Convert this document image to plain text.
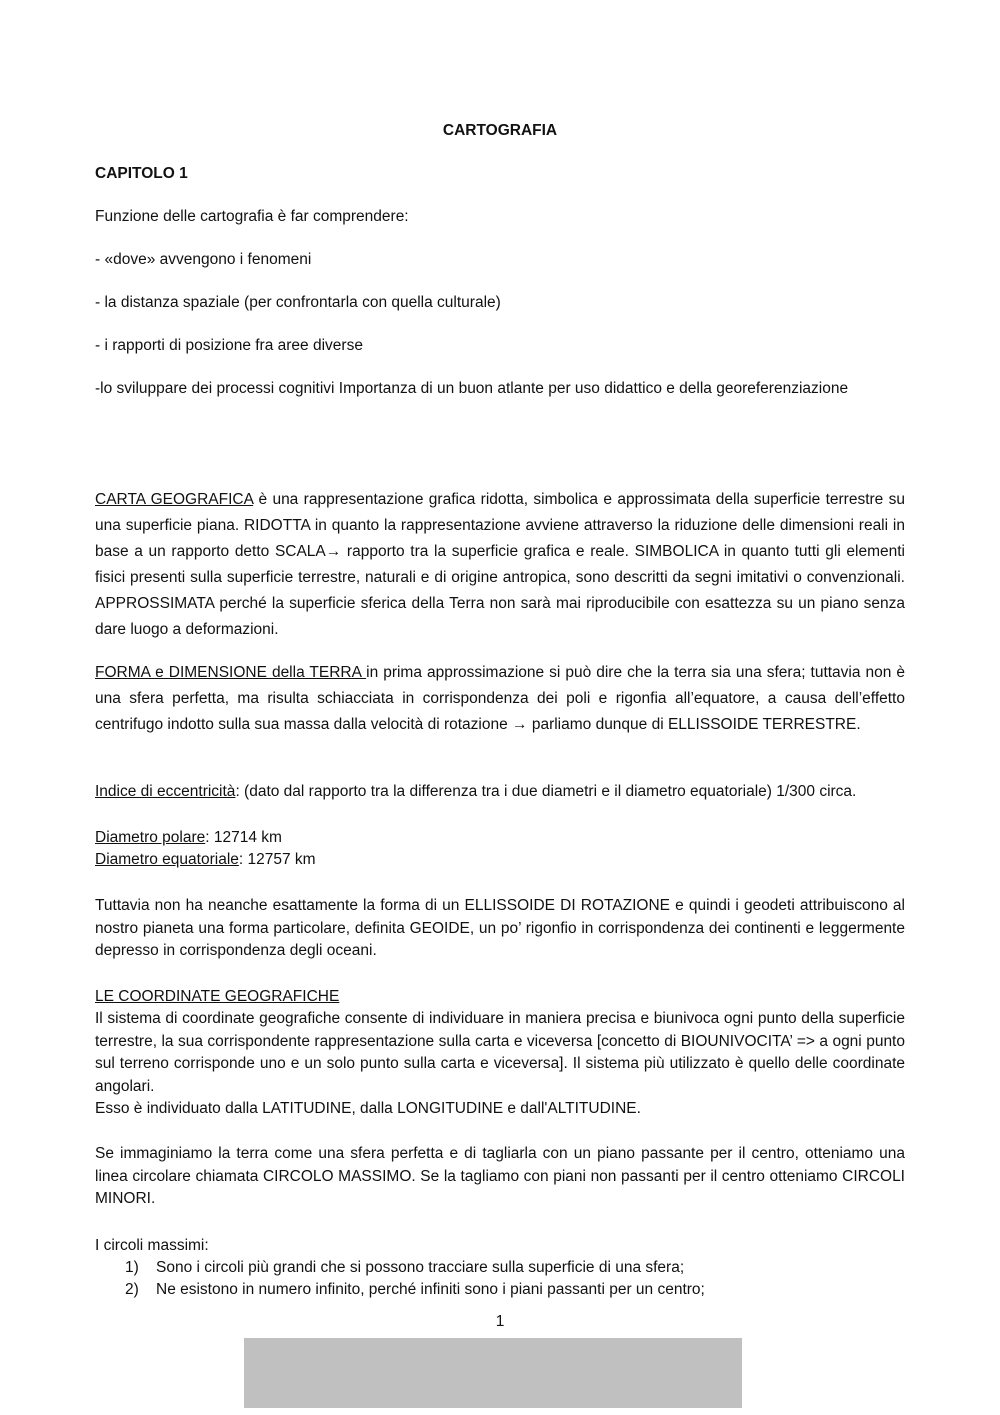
CARTOGRAFIA
CAPITOLO 1
Funzione delle cartografia è far comprendere:
- «dove» avvengono i fenomeni
- la distanza spaziale (per confrontarla con quella culturale)
- i rapporti di posizione fra aree diverse
-lo sviluppare dei processi cognitivi Importanza di un buon atlante per uso didattico e della georeferenziazione
CARTA GEOGRAFICA è una rappresentazione grafica ridotta, simbolica e approssimata della superficie terrestre su una superficie piana. RIDOTTA in quanto la rappresentazione avviene attraverso la riduzione delle dimensioni reali in base a un rapporto detto SCALA→ rapporto tra la superficie grafica e reale. SIMBOLICA in quanto tutti gli elementi fisici presenti sulla superficie terrestre, naturali e di origine antropica, sono descritti da segni imitativi o convenzionali. APPROSSIMATA perché la superficie sferica della Terra non sarà mai riproducibile con esattezza su un piano senza dare luogo a deformazioni.
FORMA e DIMENSIONE della TERRA in prima approssimazione si può dire che la terra sia una sfera; tuttavia non è una sfera perfetta, ma risulta schiacciata in corrispondenza dei poli e rigonfia all’equatore, a causa dell’effetto centrifugo indotto sulla sua massa dalla velocità di rotazione → parliamo dunque di ELLISSOIDE TERRESTRE.
Indice di eccentricità: (dato dal rapporto tra la differenza tra i due diametri e il diametro equatoriale) 1/300 circa.
Diametro polare: 12714 km
Diametro equatoriale: 12757 km
Tuttavia non ha neanche esattamente la forma di un ELLISSOIDE DI ROTAZIONE e quindi i geodeti attribuiscono al nostro pianeta una forma particolare, definita GEOIDE, un po’ rigonfio in corrispondenza dei continenti e leggermente depresso in corrispondenza degli oceani.
LE COORDINATE GEOGRAFICHE
Il sistema di coordinate geografiche consente di individuare in maniera precisa e biunivoca ogni punto della superficie terrestre, la sua corrispondente rappresentazione sulla carta e viceversa [concetto di BIOUNIVOCITA’ => a ogni punto sul terreno corrisponde uno e un solo punto sulla carta e viceversa]. Il sistema più utilizzato è quello delle coordinate angolari.
Esso è individuato dalla LATITUDINE, dalla LONGITUDINE e dall'ALTITUDINE.
Se immaginiamo la terra come una sfera perfetta e di tagliarla con un piano passante per il centro, otteniamo una linea circolare chiamata CIRCOLO MASSIMO. Se la tagliamo con piani non passanti per il centro otteniamo CIRCOLI MINORI.
I circoli massimi:
1) Sono i circoli più grandi che si possono tracciare sulla superficie di una sfera;
2) Ne esistono in numero infinito, perché infiniti sono i piani passanti per un centro;
1
